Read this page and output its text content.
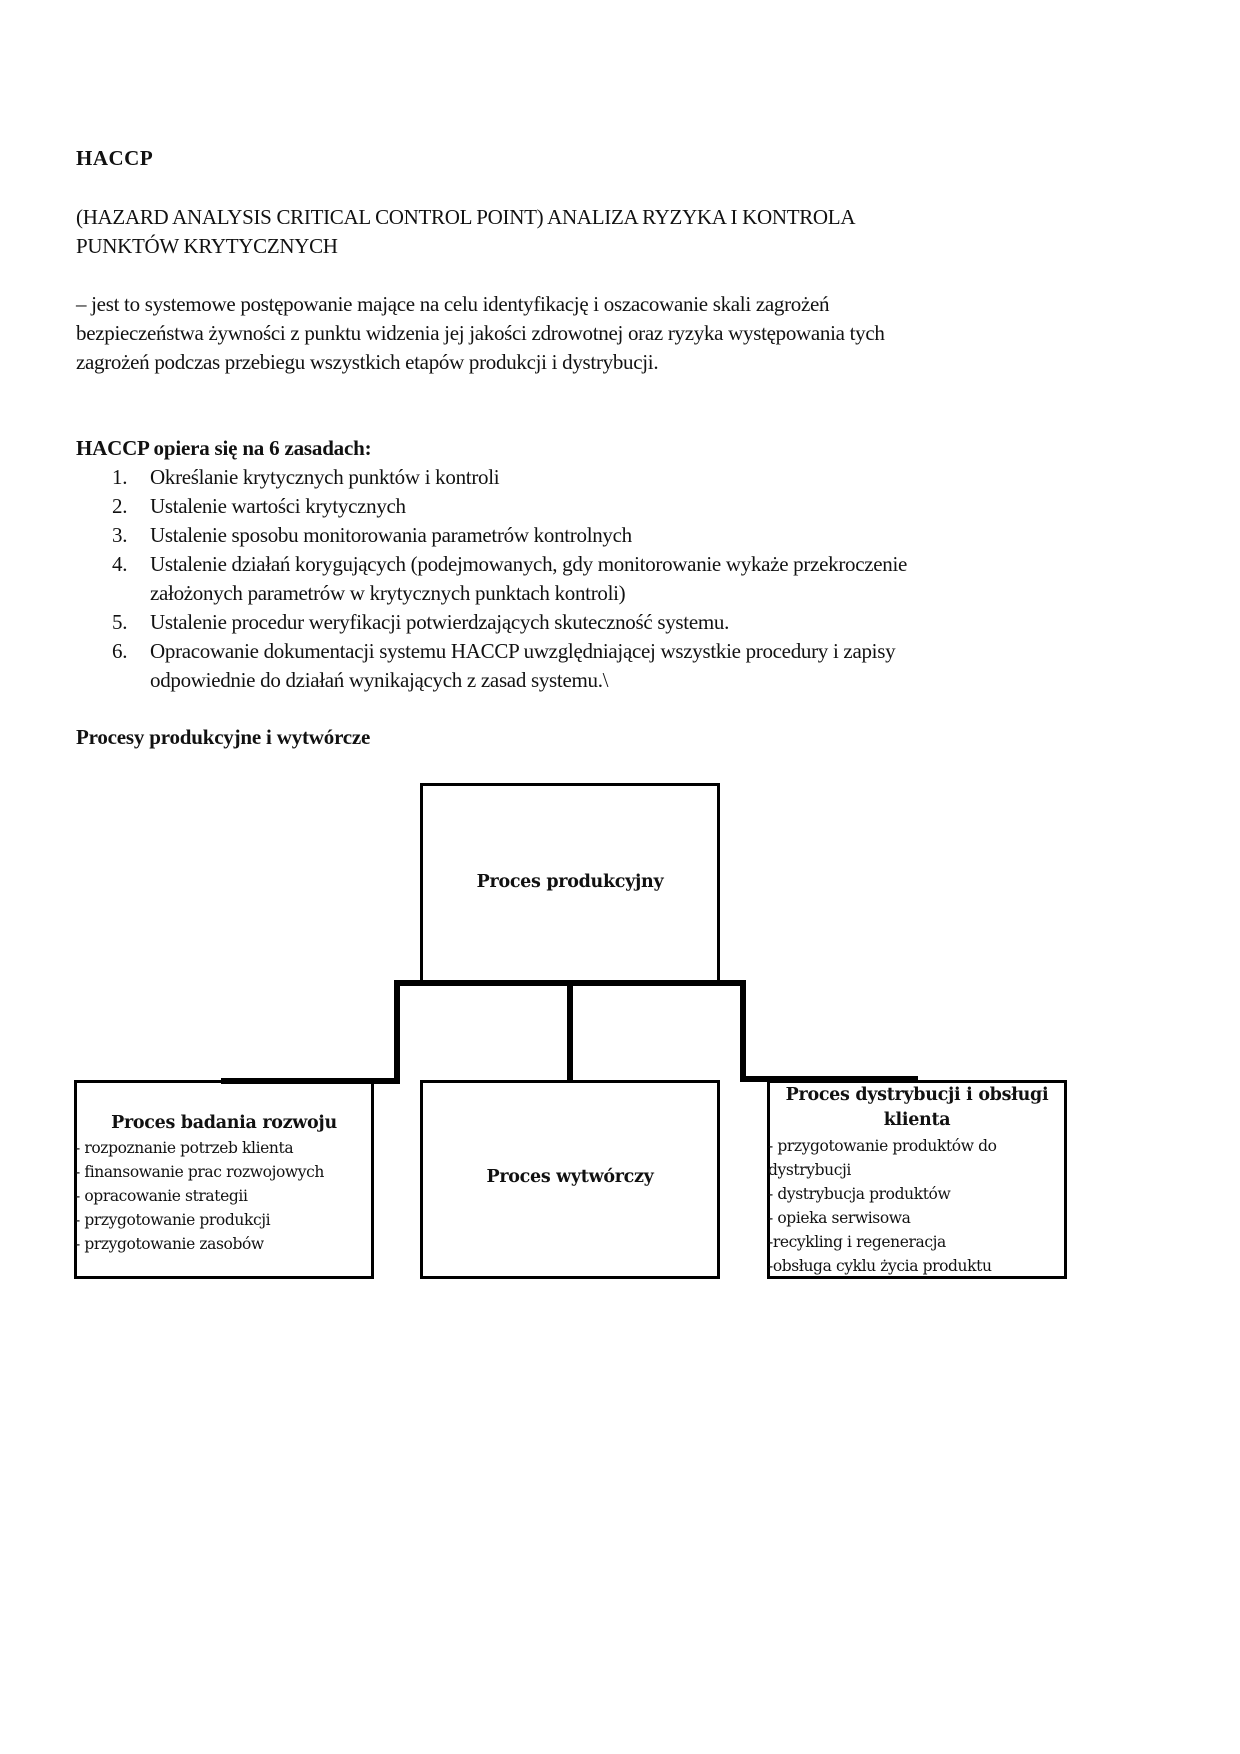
HACCP
(HAZARD ANALYSIS CRITICAL CONTROL POINT) ANALIZA RYZYKA I KONTROLA
PUNKTÓW KRYTYCZNYCH
– jest to systemowe postępowanie mające na celu identyfikację i oszacowanie skali zagrożeń
bezpieczeństwa żywności z punktu widzenia jej jakości zdrowotnej oraz ryzyka występowania tych
zagrożeń podczas przebiegu wszystkich etapów produkcji i dystrybucji.
HACCP opiera się na 6 zasadach:
1. Określanie krytycznych punktów i kontroli
2. Ustalenie wartości krytycznych
3. Ustalenie sposobu monitorowania parametrów kontrolnych
4. Ustalenie działań korygujących (podejmowanych, gdy monitorowanie wykaże przekroczenie
założonych parametrów w krytycznych punktach kontroli)
5. Ustalenie procedur weryfikacji potwierdzających skuteczność systemu.
6. Opracowanie dokumentacji systemu HACCP uwzględniającej wszystkie procedury i zapisy
odpowiednie do działań wynikających z zasad systemu.\
Procesy produkcyjne i wytwórcze
Proces produkcyjny
Proces badania rozwoju
- rozpoznanie potrzeb klienta
- finansowanie prac rozwojowych
- opracowanie strategii
- przygotowanie produkcji
- przygotowanie zasobów
Proces wytwórczy
Proces dystrybucji i obsługi
klienta
- przygotowanie produktów do
dystrybucji
- dystrybucja produktów
- opieka serwisowa
-recykling i regeneracja
-obsługa cyklu życia produktu
